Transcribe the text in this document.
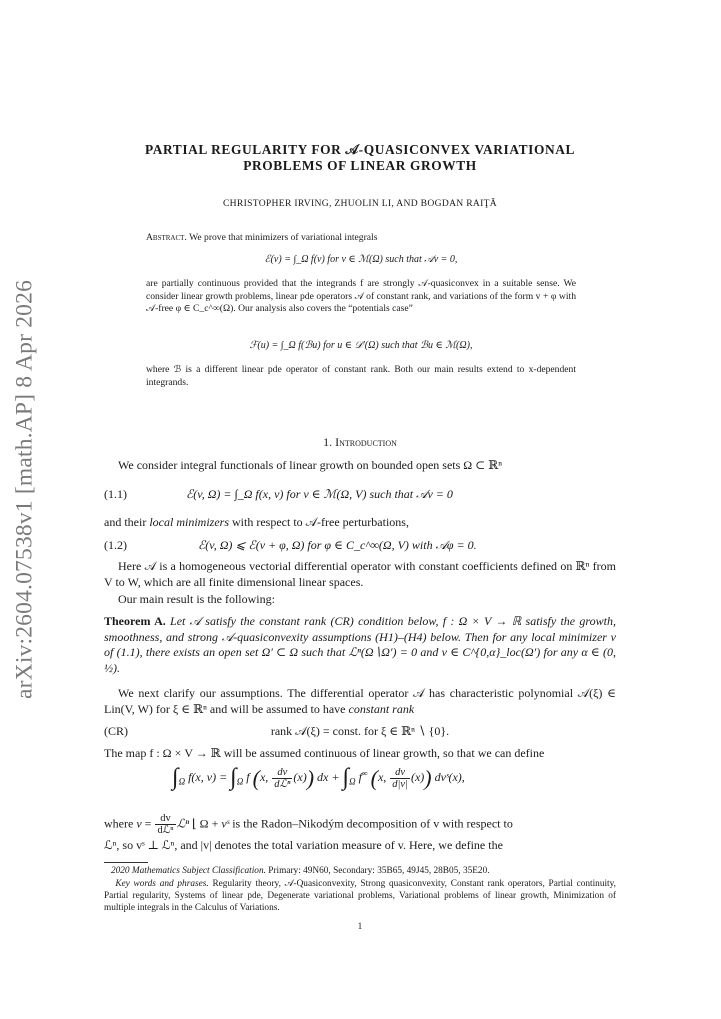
arXiv:2604.07538v1 [math.AP] 8 Apr 2026
PARTIAL REGULARITY FOR 𝒜-QUASICONVEX VARIATIONAL
PROBLEMS OF LINEAR GROWTH
CHRISTOPHER IRVING, ZHUOLIN LI, AND BOGDAN RAIŢĂ
Abstract. We prove that minimizers of variational integrals
ℰ(v) = ∫_Ω f(v) for v ∈ ℳ(Ω) such that 𝒜v = 0,
are partially continuous provided that the integrands f are strongly 𝒜-quasiconvex in a suitable sense. We consider linear growth problems, linear pde operators 𝒜 of constant rank, and variations of the form v + φ with 𝒜-free φ ∈ C_c^∞(Ω). Our analysis also covers the “potentials case”
ℱ(u) = ∫_Ω f(ℬu) for u ∈ 𝒟′(Ω) such that ℬu ∈ ℳ(Ω),
where ℬ is a different linear pde operator of constant rank. Both our main results extend to x-dependent integrands.
1. Introduction
We consider integral functionals of linear growth on bounded open sets Ω ⊂ ℝⁿ
(1.1)	ℰ(v, Ω) = ∫_Ω f(x, v) for v ∈ ℳ(Ω, V) such that 𝒜v = 0
and their local minimizers with respect to 𝒜-free perturbations,
(1.2)	ℰ(v, Ω) ⩽ ℰ(v + φ, Ω) for φ ∈ C_c^∞(Ω, V) with 𝒜φ = 0.
Here 𝒜 is a homogeneous vectorial differential operator with constant coefficients defined on ℝⁿ from V to W, which are all finite dimensional linear spaces.
Our main result is the following:
Theorem A. Let 𝒜 satisfy the constant rank (CR) condition below, f : Ω × V → ℝ satisfy the growth, smoothness, and strong 𝒜-quasiconvexity assumptions (H1)–(H4) below. Then for any local minimizer v of (1.1), there exists an open set Ω′ ⊂ Ω such that ℒⁿ(Ω∖Ω′) = 0 and v ∈ C^{0,α}_loc(Ω′) for any α ∈ (0, ½).
We next clarify our assumptions. The differential operator 𝒜 has characteristic polynomial 𝒜(ξ) ∈ Lin(V, W) for ξ ∈ ℝⁿ and will be assumed to have constant rank
(CR)	rank 𝒜(ξ) = const. for ξ ∈ ℝⁿ ∖ {0}.
The map f : Ω × V → ℝ will be assumed continuous of linear growth, so that we can define
$\int_\Omega$ f(x, $v) = \int_\Omega$ f (x, $\frac{dv}{\text{dℒⁿ}} (x)$) dx + $\int_\Omega$ f∞ (x, $\frac{dv}{d|v|} (x)$) dvˢ(x),
where $v = \frac{dv}{\text{dℒⁿ}}$ ℒⁿ ⌊ Ω + vˢ is the Radon–Nikodým decomposition of v with respect to
ℒⁿ, so vˢ ⊥ ℒⁿ, and |v| denotes the total variation measure of v. Here, we define the
2020 Mathematics Subject Classification. Primary: 49N60, Secondary: 35B65, 49J45, 28B05, 35E20.
Key words and phrases. Regularity theory, 𝒜-Quasiconvexity, Strong quasiconvexity, Constant rank operators, Partial continuity, Partial regularity, Systems of linear pde, Degenerate variational problems, Variational problems of linear growth, Minimization of multiple integrals in the Calculus of Variations.
1
